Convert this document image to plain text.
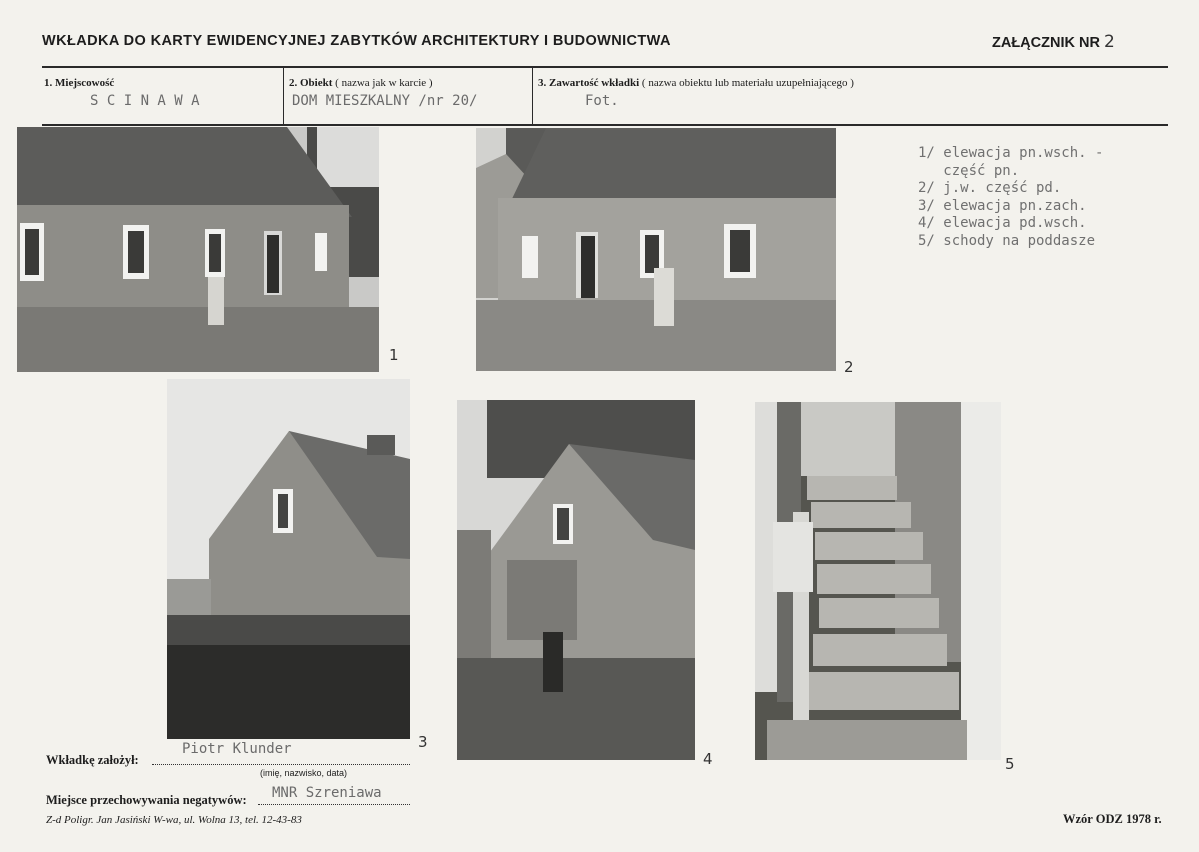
WKŁADKA DO KARTY EWIDENCYJNEJ ZABYTKÓW ARCHITEKTURY I BUDOWNICTWA	ZAŁĄCZNIK NR 2
1. Miejscowość
S C I N A W A
2. Obiekt ( nazwa jak w karcie )
DOM MIESZKALNY /nr 20/
3. Zawartość wkładki ( nazwa obiektu lub materiału uzupełniającego )
Fot.
1
2
1/ elewacja pn.wsch. -
część pn.
2/ j.w. część pd.
3/ elewacja pn.zach.
4/ elewacja pd.wsch.
5/ schody na poddasze
3
4	5
Wkładkę założył:
Piotr Klunder
(imię, nazwisko, data)
Miejsce przechowywania negatywów: MNR Szreniawa
Z-d Poligr. Jan Jasiński W-wa, ul. Wolna 13, tel. 12-43-83	Wzór ODZ 1978 r.
